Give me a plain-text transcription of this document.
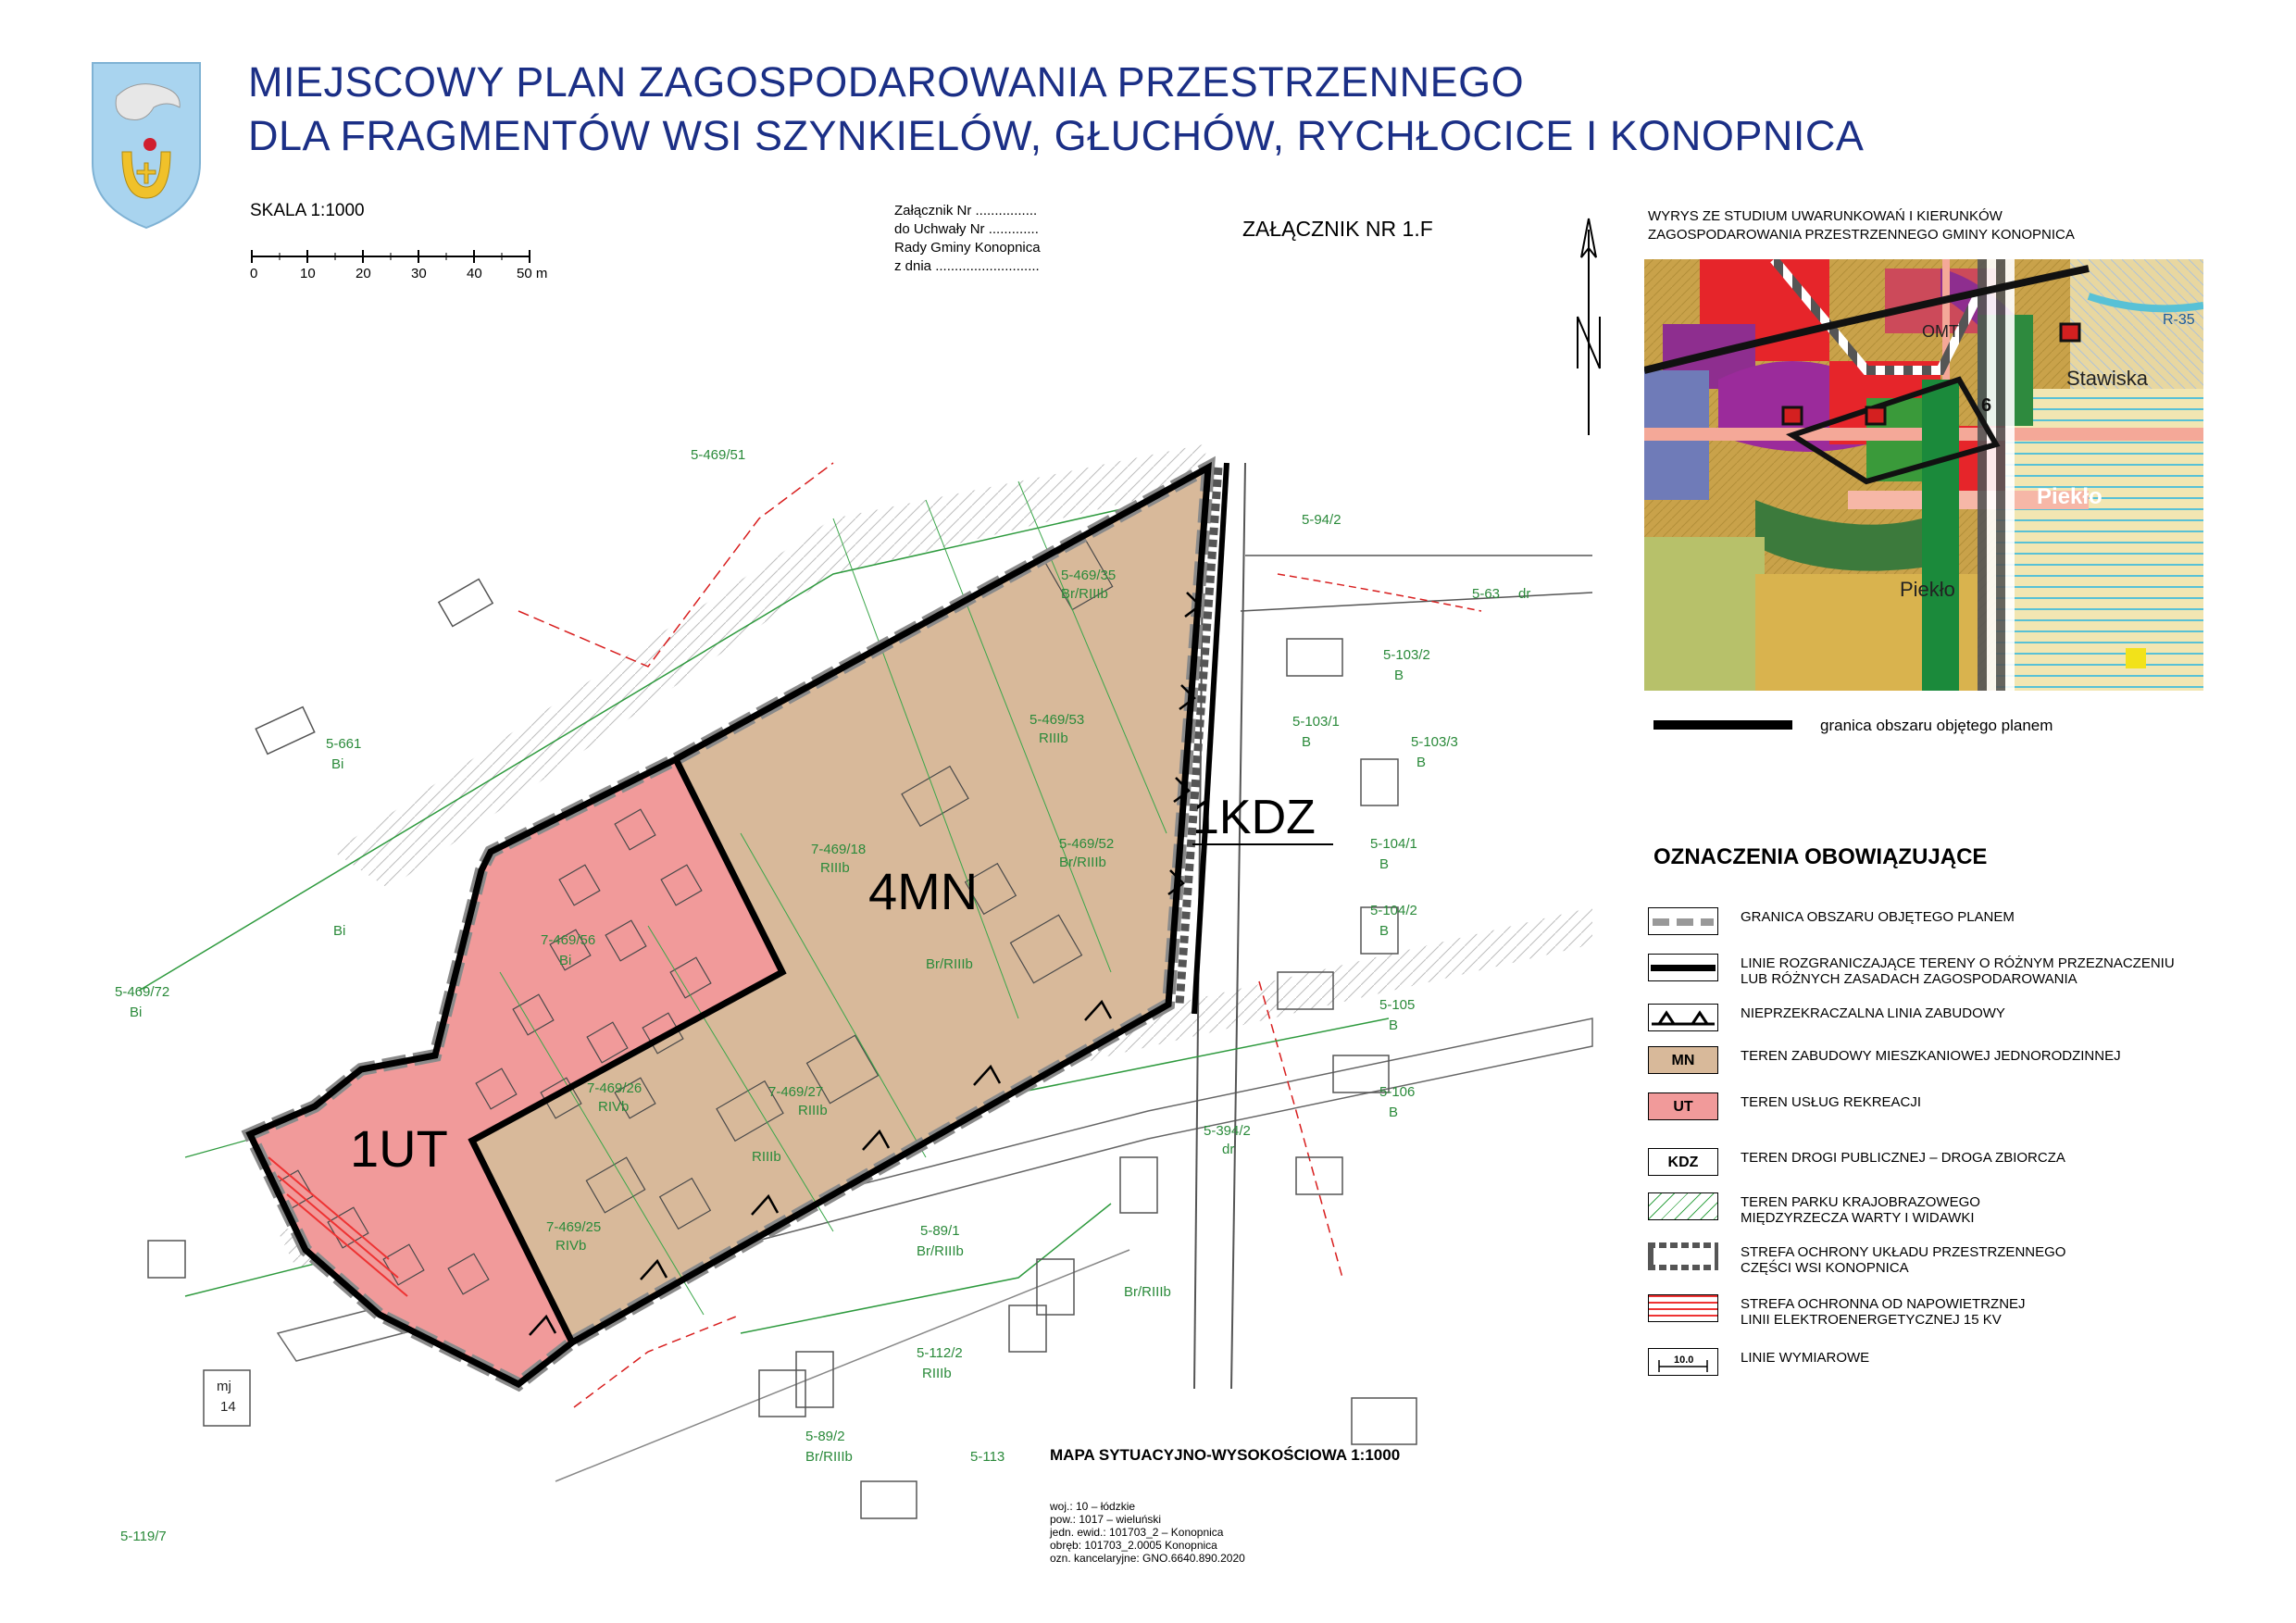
MIEJSCOWY PLAN ZAGOSPODAROWANIA PRZESTRZENNEGO
DLA FRAGMENTÓW WSI SZYNKIELÓW, GŁUCHÓW, RYCHŁOCICE I KONOPNICA
SKALA 1:1000
0	10	20	30	40 50 m
Załącznik Nr ................
do Uchwały Nr .............
Rady Gminy Konopnica
z dnia ...........................
ZAŁĄCZNIK NR 1.F
WYRYS ZE STUDIUM UWARUNKOWAŃ I KIERUNKÓW
ZAGOSPODAROWANIA PRZESTRZENNEGO GMINY KONOPNICA
Stawiska
Piekło
Piekło
OMT
6
R-35
granica obszaru objętego planem
OZNACZENIA OBOWIĄZUJĄCE
GRANICA OBSZARU OBJĘTEGO PLANEM
LINIE ROZGRANICZAJĄCE TERENY O RÓŻNYM PRZEZNACZENIU
LUB RÓŻNYCH ZASADACH ZAGOSPODAROWANIA
NIEPRZEKRACZALNA LINIA ZABUDOWY
MN	TEREN ZABUDOWY MIESZKANIOWEJ JEDNORODZINNEJ
UT	TEREN USŁUG REKREACJI
KDZ	TEREN DROGI PUBLICZNEJ – DROGA ZBIORCZA
TEREN PARKU KRAJOBRAZOWEGO
MIĘDZYRZECZA WARTY I WIDAWKI
STREFA OCHRONY UKŁADU PRZESTRZENNEGO
CZĘŚCI WSI KONOPNICA
STREFA OCHRONNA OD NAPOWIETRZNEJ
LINII ELEKTROENERGETYCZNEJ 15 KV
10.0	LINIE WYMIAROWE
4MN
1UT
1KDZ
5-469/35
Br/RIIIb
5-469/53
RIIIb
7-469/18
RIIIb
5-469/52
Br/RIIIb
Br/RIIIb
7-469/56
Bi
7-469/26
RIVb
7-469/27
RIIIb
7-469/25
RIVb
RIIIb
5-661
Bi
Bi
5-469/72
Bi
5-469/51
5-94/2
5-63 dr
5-103/2
B
5-103/1
B	5-103/3
B
5-104/1
B
5-104/2
B
5-105
B
5-106
B
5-394/2
dr
5-89/1
Br/RIIIb
Br/RIIIb
5-112/2
RIIIb
5-89/2
Br/RIIIb	5-113
5-119/7
mj
14
MAPA SYTUACYJNO-WYSOKOŚCIOWA 1:1000
woj.: 10 – łódzkie
pow.: 1017 – wieluński
jedn. ewid.: 101703_2 – Konopnica
obręb: 101703_2.0005 Konopnica
ozn. kancelaryjne: GNO.6640.890.2020
